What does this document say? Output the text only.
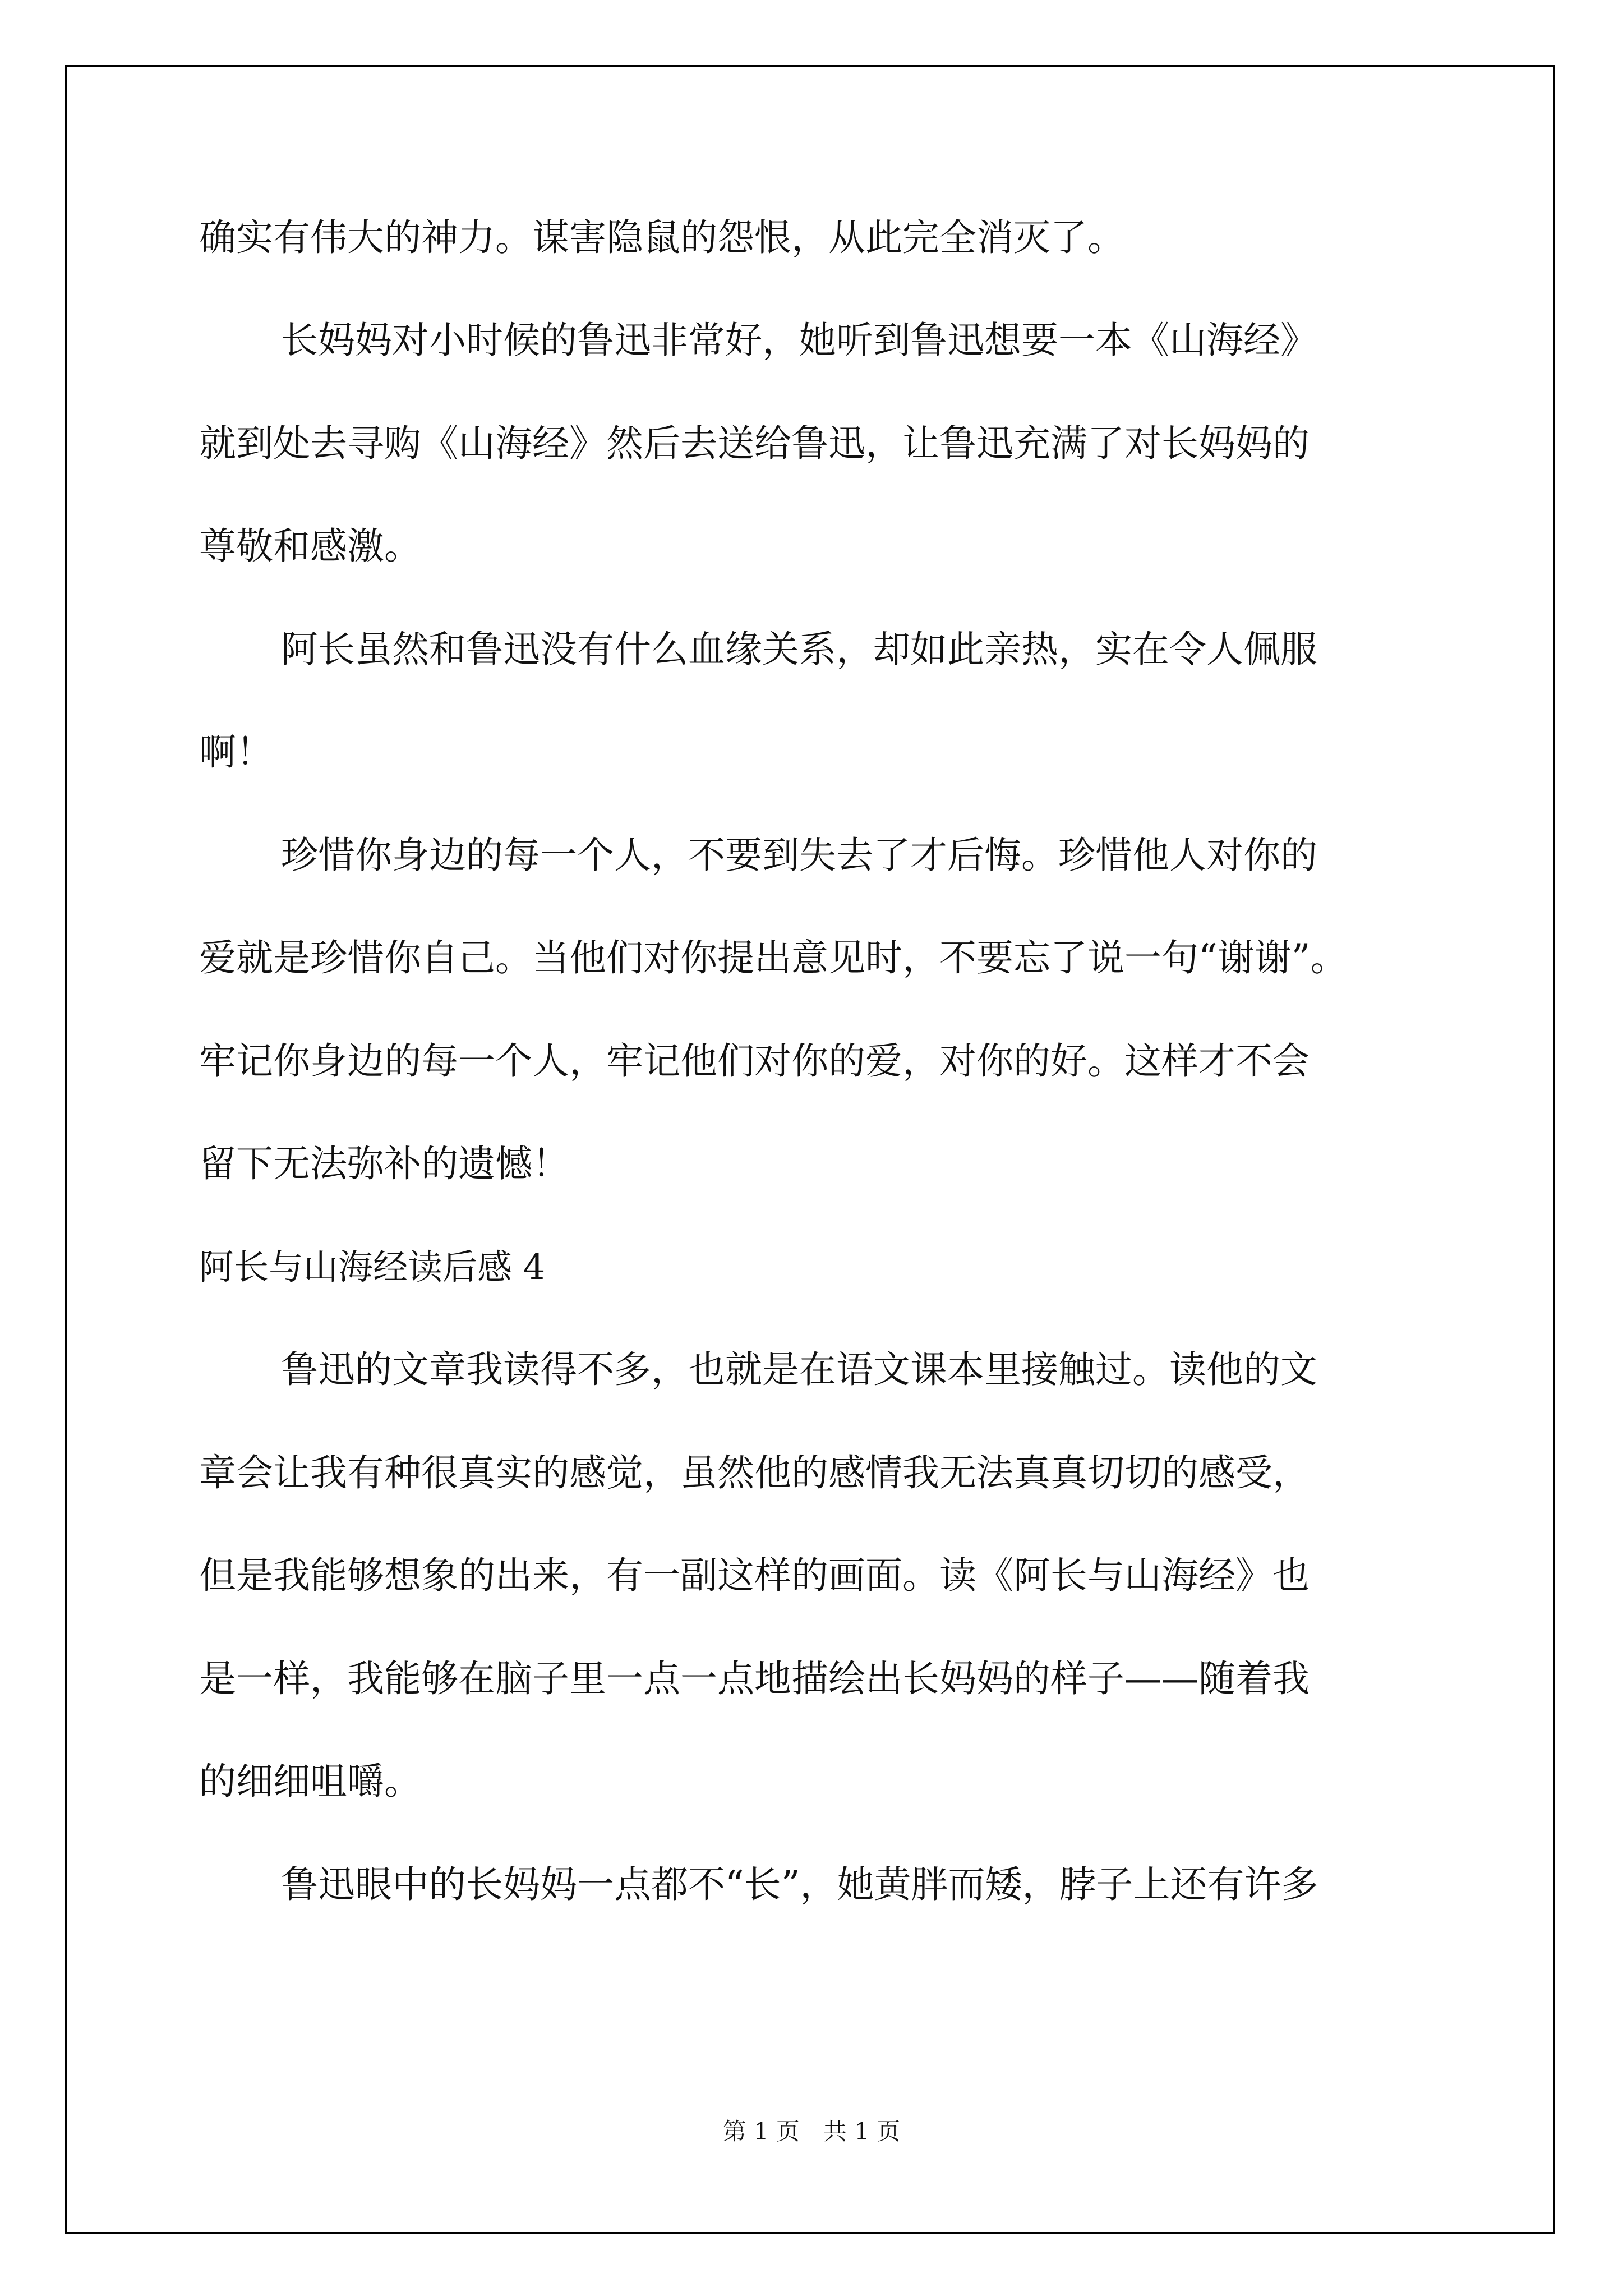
确实有伟大的神力。谋害隐鼠的怨恨，从此完全消灭了。

长妈妈对小时候的鲁迅非常好，她听到鲁迅想要一本《山海经》

就到处去寻购《山海经》然后去送给鲁迅，让鲁迅充满了对长妈妈的

尊敬和感激。

阿长虽然和鲁迅没有什么血缘关系，却如此亲热，实在令人佩服

啊！

珍惜你身边的每一个人，不要到失去了才后悔。珍惜他人对你的

爱就是珍惜你自己。当他们对你提出意见时，不要忘了说一句“谢谢”。

牢记你身边的每一个人，牢记他们对你的爱，对你的好。这样才不会

留下无法弥补的遗憾！

阿长与山海经读后感 4

鲁迅的文章我读得不多，也就是在语文课本里接触过。读他的文

章会让我有种很真实的感觉，虽然他的感情我无法真真切切的感受，

但是我能够想象的出来，有一副这样的画面。读《阿长与山海经》也

是一样，我能够在脑子里一点一点地描绘出长妈妈的样子——随着我

的细细咀嚼。

鲁迅眼中的长妈妈一点都不“长”，她黄胖而矮，脖子上还有许多

第 1 页　共 1 页
